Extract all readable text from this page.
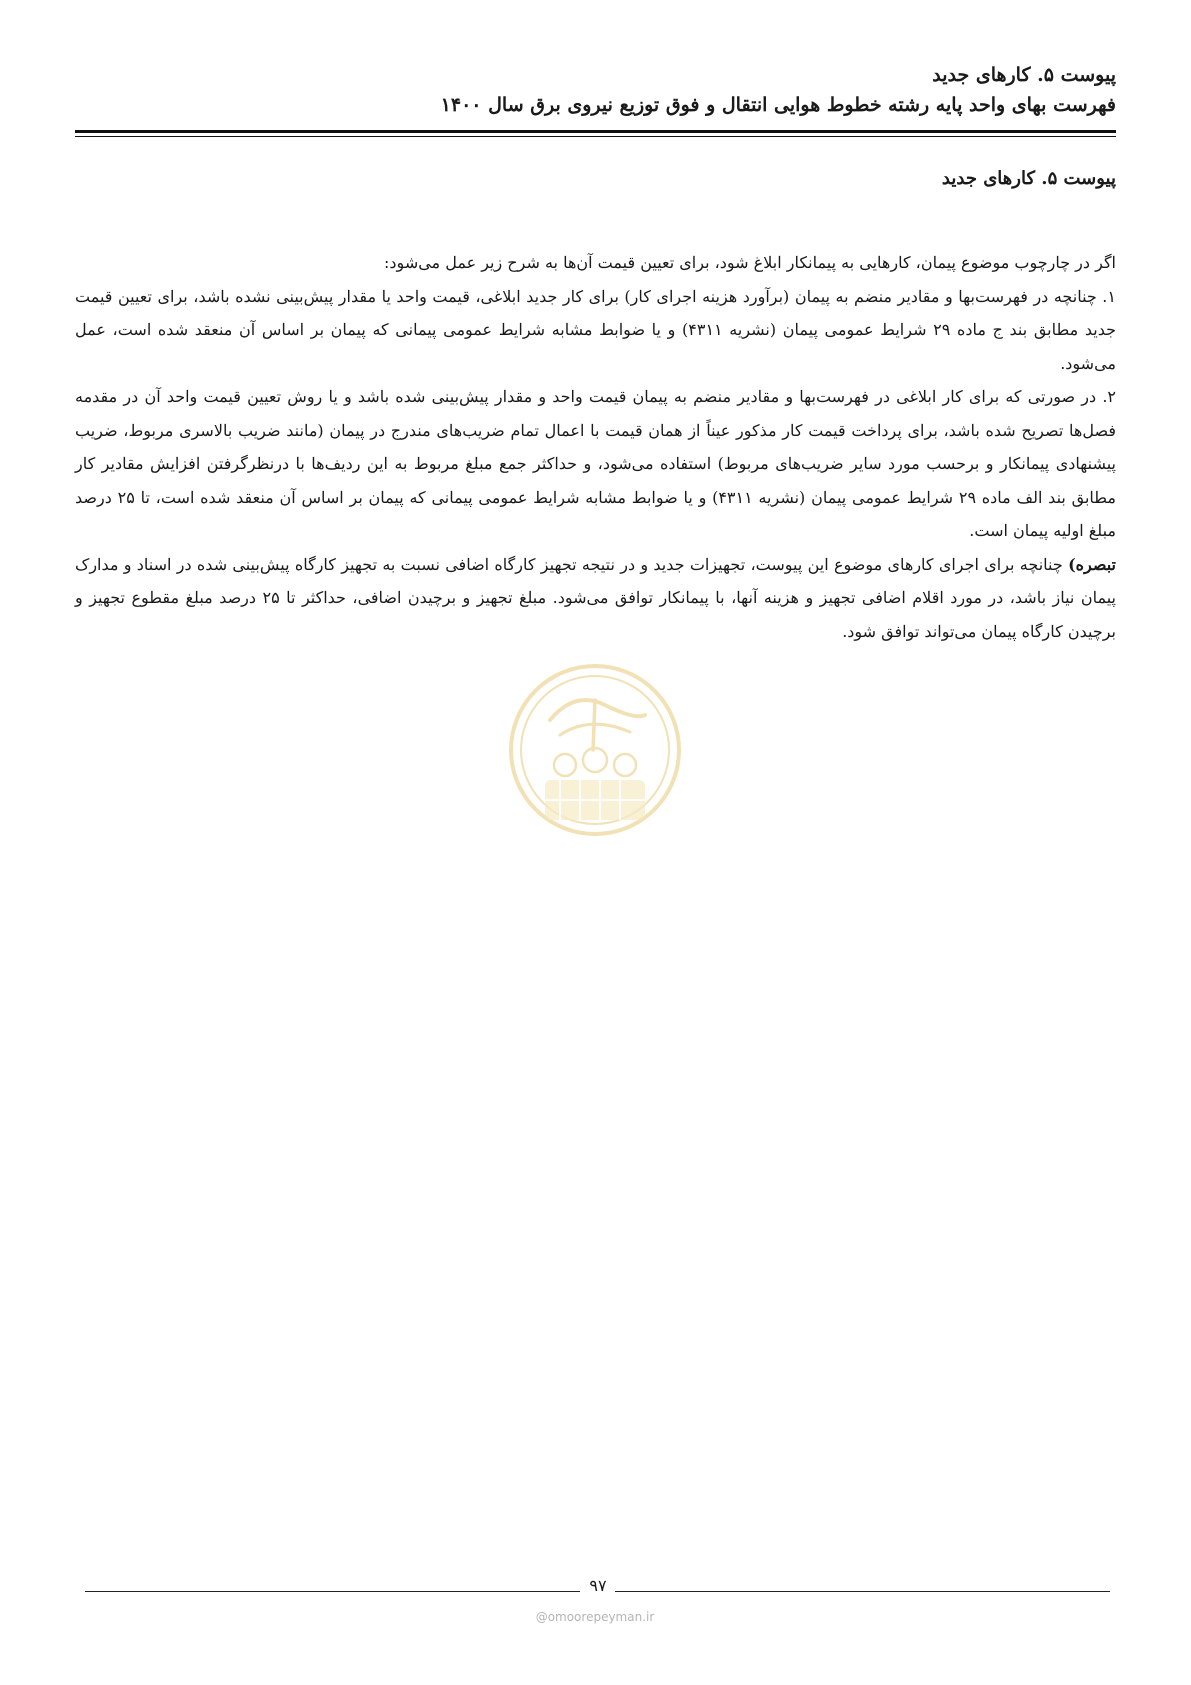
پیوست ۵. کارهای جدید
فهرست بهای واحد پایه رشته خطوط هوایی انتقال و فوق توزیع نیروی برق سال ۱۴۰۰
پیوست ۵. کارهای جدید

اگر در چارچوب موضوع پیمان، کارهایی به پیمانکار ابلاغ شود، برای تعیین قیمت آن‌ها به شرح زیر عمل می‌شود:

۱. چنانچه در فهرست‌بها و مقادیر منضم به پیمان (برآورد هزینه اجرای کار) برای کار جدید ابلاغی، قیمت واحد یا مقدار پیش‌بینی نشده باشد، برای تعیین قیمت جدید مطابق بند ج ماده ۲۹ شرایط عمومی پیمان (نشریه ۴۳۱۱) و یا ضوابط مشابه شرایط عمومی پیمانی که پیمان بر اساس آن منعقد شده است، عمل می‌شود.

۲. در صورتی که برای کار ابلاغی در فهرست‌بها و مقادیر منضم به پیمان قیمت واحد و مقدار پیش‌بینی شده باشد و یا روش تعیین قیمت واحد آن در مقدمه فصل‌ها تصریح شده باشد، برای پرداخت قیمت کار مذکور عیناً از همان قیمت با اعمال تمام ضریب‌های مندرج در پیمان (مانند ضریب بالاسری مربوط، ضریب پیشنهادی پیمانکار و برحسب مورد سایر ضریب‌های مربوط) استفاده می‌شود، و حداکثر جمع مبلغ مربوط به این ردیف‌ها با درنظرگرفتن افزایش مقادیر کار مطابق بند الف ماده ۲۹ شرایط عمومی پیمان (نشریه ۴۳۱۱) و یا ضوابط مشابه شرایط عمومی پیمانی که پیمان بر اساس آن منعقد شده است، تا ۲۵ درصد مبلغ اولیه پیمان است.

تبصره) چنانچه برای اجرای کارهای موضوع این پیوست، تجهیزات جدید و در نتیجه تجهیز کارگاه اضافی نسبت به تجهیز کارگاه پیش‌بینی شده در اسناد و مدارک پیمان نیاز باشد، در مورد اقلام اضافی تجهیز و هزینه آنها، با پیمانکار توافق می‌شود. مبلغ تجهیز و برچیدن اضافی، حداکثر تا ۲۵ درصد مبلغ مقطوع تجهیز و برچیدن کارگاه پیمان می‌تواند توافق شود.

۹۷
@omoorepeyman.ir
